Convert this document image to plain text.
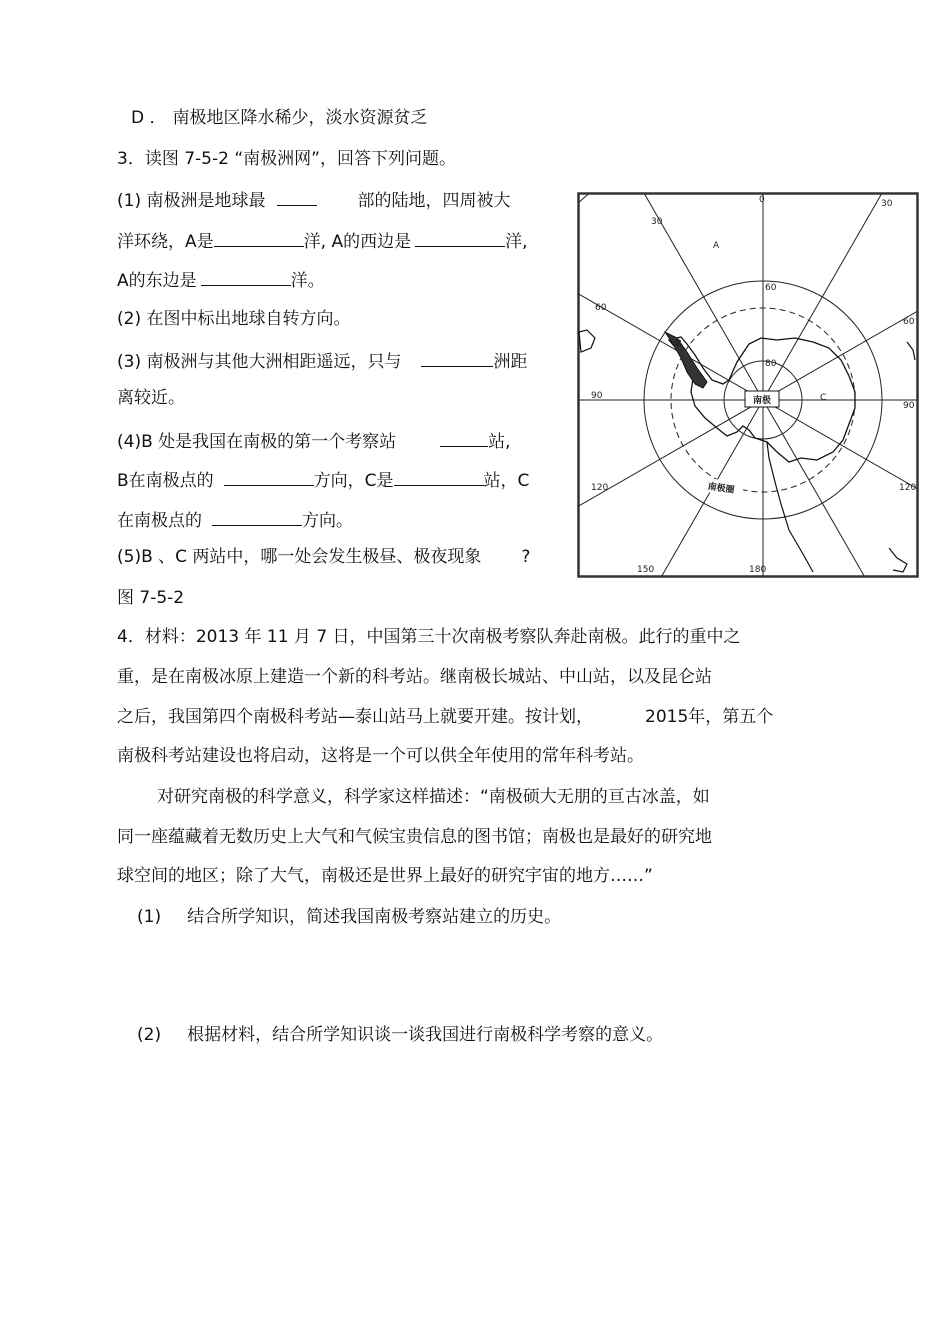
D ． 南极地区降水稀少，淡水资源贫乏
3．读图 7-5-2 “南极洲网”，回答下列问题。
(1) 南极洲是地球最	部的陆地，四周被大
洋环绕，A是	洋, A的西边是	洋,
A的东边是	洋。
(2) 在图中标出地球自转方向。
(3) 南极洲与其他大洲相距遥远，只与	洲距
离较近。
(4)B 处是我国在南极的第一个考察站	站,
B在南极点的	方向，C是	站，C
在南极点的	方向。
(5)B 、C 两站中，哪一处会发生极昼、极夜现象 ?
图 7-5-2
南极
南极圈
A
B
C
0
30
30
60
60
90
90
120	120
150	180
60
80
4．材料：2013 年 11 月 7 日，中国第三十次南极考察队奔赴南极。此行的重中之
重，是在南极冰原上建造一个新的科考站。继南极长城站、中山站，以及昆仑站
之后，我国第四个南极科考站—泰山站马上就要开建。按计划，	2015年，第五个
南极科考站建设也将启动，这将是一个可以供全年使用的常年科考站。
对研究南极的科学意义，科学家这样描述：“南极硕大无朋的亘古冰盖，如
同一座蕴藏着无数历史上大气和气候宝贵信息的图书馆；南极也是最好的研究地
球空间的地区；除了大气，南极还是世界上最好的研究宇宙的地方……”
(1) 结合所学知识，简述我国南极考察站建立的历史。
(2) 根据材料，结合所学知识谈一谈我国进行南极科学考察的意义。
